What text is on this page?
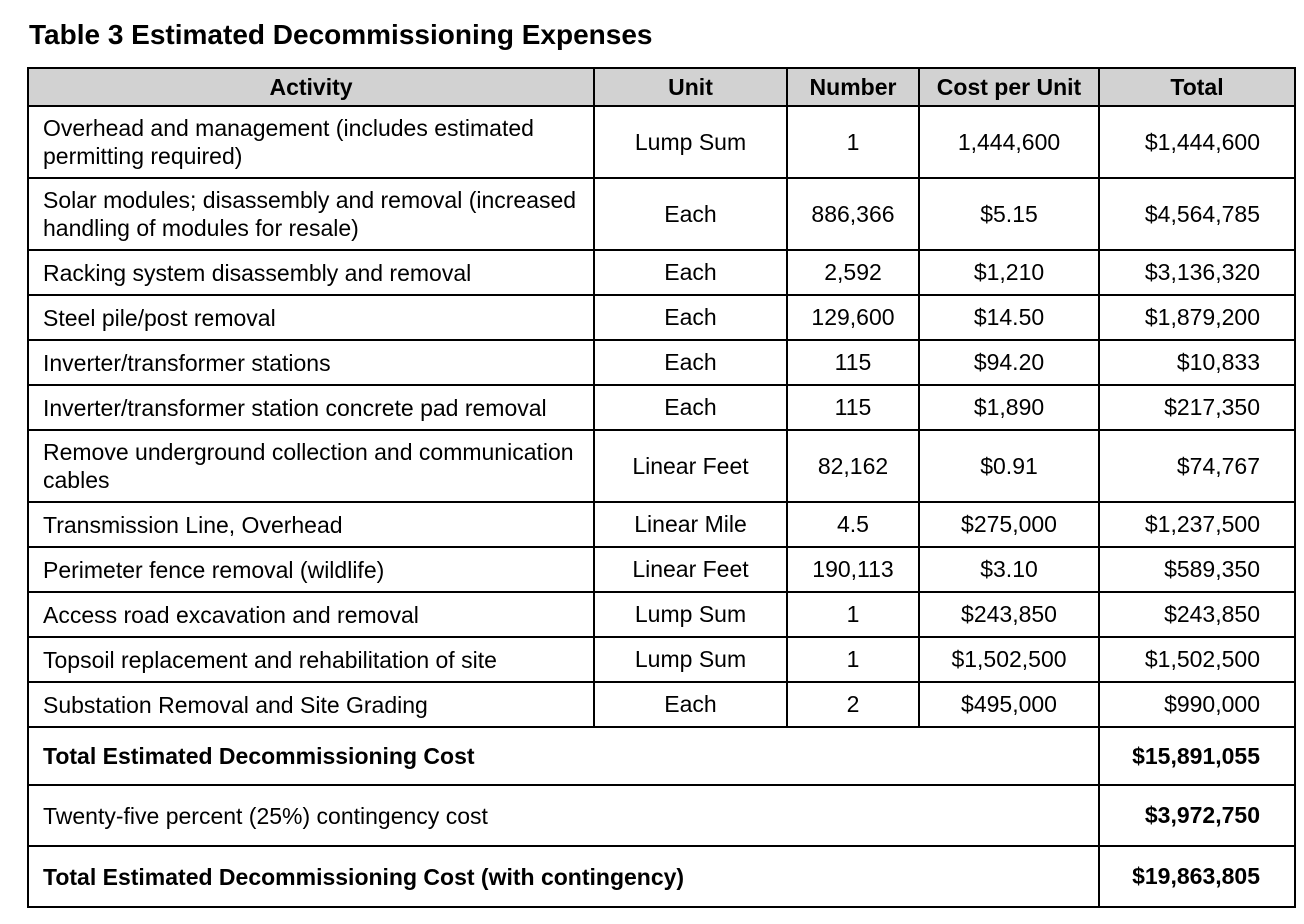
Table 3 Estimated Decommissioning Expenses
Activity	Unit	Number	Cost per Unit	Total
Overhead and management (includes estimated permitting required)	Lump Sum	1	1,444,600	$1,444,600
Solar modules; disassembly and removal (increased handling of modules for resale)	Each	886,366	$5.15	$4,564,785
Racking system disassembly and removal	Each	2,592	$1,210	$3,136,320
Steel pile/post removal	Each	129,600	$14.50	$1,879,200
Inverter/transformer stations	Each	115	$94.20	$10,833
Inverter/transformer station concrete pad removal	Each	115	$1,890	$217,350
Remove underground collection and communication cables	Linear Feet	82,162	$0.91	$74,767
Transmission Line, Overhead	Linear Mile	4.5	$275,000	$1,237,500
Perimeter fence removal (wildlife)	Linear Feet	190,113	$3.10	$589,350
Access road excavation and removal	Lump Sum	1	$243,850	$243,850
Topsoil replacement and rehabilitation of site	Lump Sum	1	$1,502,500	$1,502,500
Substation Removal and Site Grading	Each	2	$495,000	$990,000
Total Estimated Decommissioning Cost				$15,891,055
Twenty-five percent (25%) contingency cost				$3,972,750
Total Estimated Decommissioning Cost (with contingency)				$19,863,805
